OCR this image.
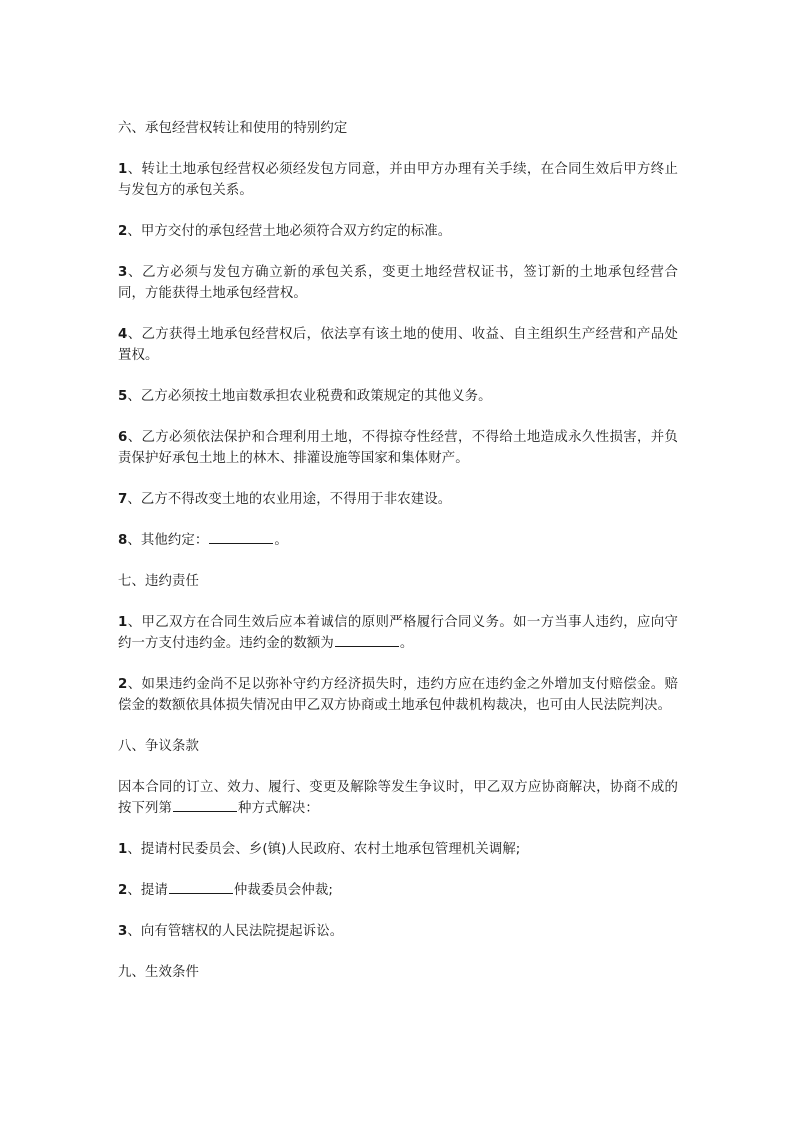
六、承包经营权转让和使用的特别约定

1、转让土地承包经营权必须经发包方同意，并由甲方办理有关手续，在合同生效后甲方终止与发包方的承包关系。

2、甲方交付的承包经营土地必须符合双方约定的标准。

3、乙方必须与发包方确立新的承包关系，变更土地经营权证书，签订新的土地承包经营合同，方能获得土地承包经营权。

4、乙方获得土地承包经营权后，依法享有该土地的使用、收益、自主组织生产经营和产品处置权。

5、乙方必须按土地亩数承担农业税费和政策规定的其他义务。

6、乙方必须依法保护和合理利用土地，不得掠夺性经营，不得给土地造成永久性损害，并负责保护好承包土地上的林木、排灌设施等国家和集体财产。

7、乙方不得改变土地的农业用途，不得用于非农建设。

8、其他约定：	。

七、违约责任

1、甲乙双方在合同生效后应本着诚信的原则严格履行合同义务。如一方当事人违约，应向守约一方支付违约金。违约金的数额为	。

2、如果违约金尚不足以弥补守约方经济损失时，违约方应在违约金之外增加支付赔偿金。赔偿金的数额依具体损失情况由甲乙双方协商或土地承包仲裁机构裁决，也可由人民法院判决。

八、争议条款

因本合同的订立、效力、履行、变更及解除等发生争议时，甲乙双方应协商解决，协商不成的按下列第	种方式解决：

1、提请村民委员会、乡(镇)人民政府、农村土地承包管理机关调解;

2、提请	仲裁委员会仲裁;

3、向有管辖权的人民法院提起诉讼。

九、生效条件
